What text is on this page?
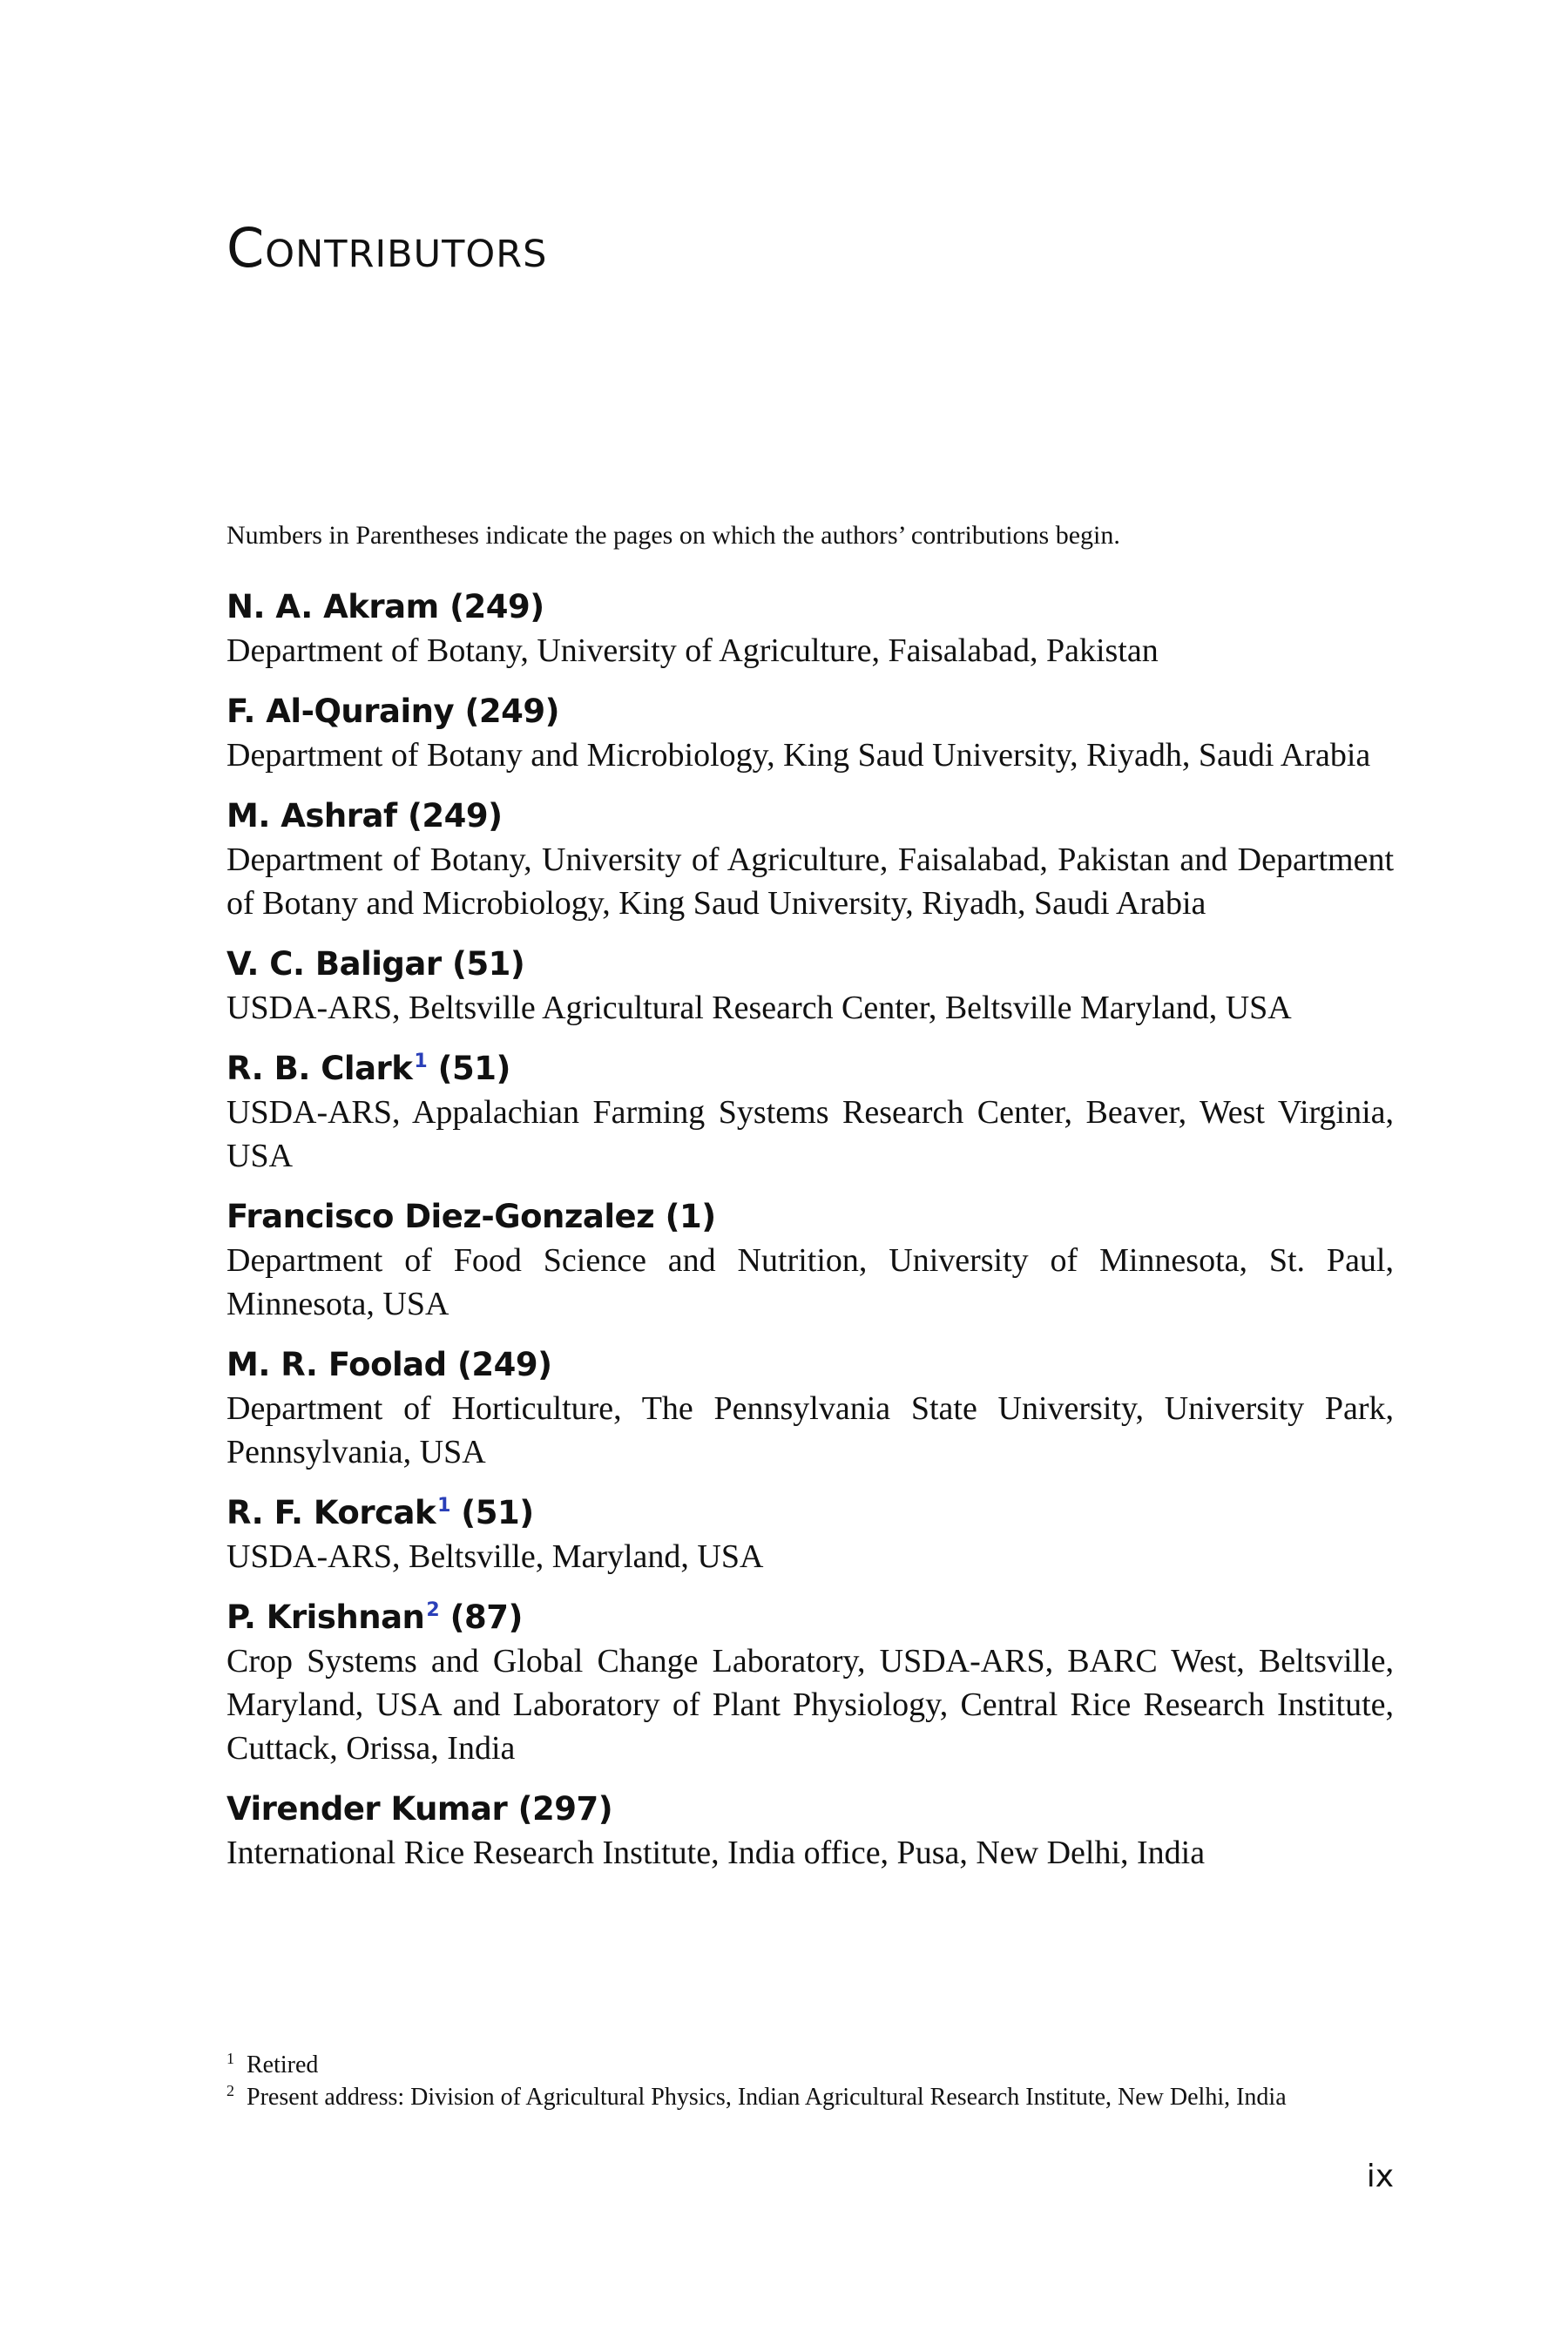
Contributors

Numbers in Parentheses indicate the pages on which the authors’ contributions begin.

N. A. Akram (249)

Department of Botany, University of Agriculture, Faisalabad, Pakistan

F. Al-Qurainy (249)

Department of Botany and Microbiology, King Saud University, Riyadh, Saudi Arabia

M. Ashraf (249)

Department of Botany, University of Agriculture, Faisalabad, Pakistan and Department of Botany and Microbiology, King Saud University, Riyadh, Saudi Arabia

V. C. Baligar (51)

USDA-ARS, Beltsville Agricultural Research Center, Beltsville Maryland, USA

R. B. Clark$^1$ (51)

USDA-ARS, Appalachian Farming Systems Research Center, Beaver, West Virginia, USA

Francisco Diez-Gonzalez (1)

Department of Food Science and Nutrition, University of Minnesota, St. Paul, Minnesota, USA

M. R. Foolad (249)

Department of Horticulture, The Pennsylvania State University, University Park, Pennsylvania, USA

R. F. Korcak$^1$ (51)

USDA-ARS, Beltsville, Maryland, USA

P. Krishnan$^2$ (87)

Crop Systems and Global Change Laboratory, USDA-ARS, BARC West, Beltsville, Maryland, USA and Laboratory of Plant Physiology, Central Rice Research Institute, Cuttack, Orissa, India

Virender Kumar (297)

International Rice Research Institute, India office, Pusa, New Delhi, India

$^1$ Retired

$^2$ Present address: Division of Agricultural Physics, Indian Agricultural Research Institute, New Delhi, India

ix
